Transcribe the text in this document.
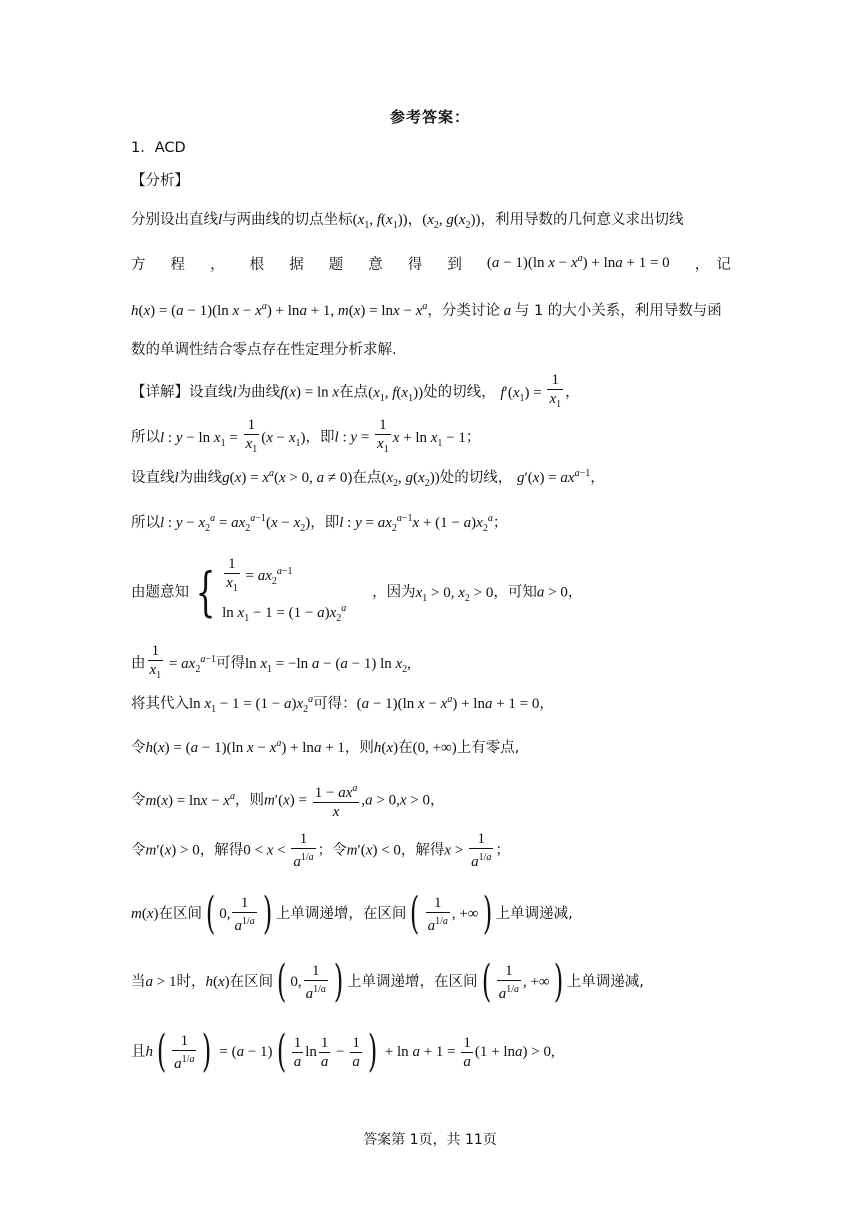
参考答案：
1．ACD
【分析】
分别设出直线l与两曲线的切点坐标($x_1$, $f(x_1)$)，($x_2$, $g(x_2)$)，利用导数的几何意义求出切线
方 程 ， 根 据 题 意 得 到 (a − 1)(ln $x - x^a) + \ln a + 1 = 0$ ，　记
h(x) = (a − 1)(ln $x - x^a) + \ln a + 1$, $m(x) = \ln x - x^a$，分类讨论 a 与 1 的大小关系，利用导数与函
数的单调性结合零点存在性定理分析求解.
【详解】设直线l为曲线f(x) = ln x在点($x_1$, $f(x_1)$)处的切线， $f'(x_1) = \frac{1}{x_1}$ ，
所以l : $y - \ln x_1 = \frac{1}{x_1} (x - x_1)$，即l : $y = \frac{1}{x_1}$ $x + \ln x_1 - 1$；
设直线l为曲线$g(x) = x^a(x > 0$, a ≠ 0)在点($x_2$, $g(x_2)$)处的切线， $g'(x) = ax^{a-1}$，
所以l : $y - x_2^a = ax_2^{a-1}(x - x_2)$，即l : $y = ax_2^{a-1}x + (1 - a)x_2^a$；
由题意知 { $\frac{1}{x_1} = ax_2^{a-1}$
$\ln x_1 - 1 = (1 - a)x_2^a$
，因为$x_1 > 0$, $x_2 > 0$，可知a > 0，
由 $\frac{1}{x_1} = ax_2^{a-1}$可得$\ln x_1 = -\ln$ a − (a − 1) $\ln x_2$,
将其代入$\ln x_1 - 1 = (1 - a)x_2^a$可得：(a − 1)(ln $x - x^a) + \ln a + 1 = 0$，
令h(x) = (a − 1)(ln $x - x^a) + \ln a + 1$，则h(x)在(0, +∞)上有零点,
令$m(x) = \ln x - x^a$，则$m'(x) = \frac{1 - ax^a}{x} ,a > 0,x > 0$，
令m′(x) > 0，解得$0 < x < \frac{1}{a^{1/a}}$ ；令m′(x) < 0，解得$x > \frac{1}{a^{1/a}}$ ；
m(x)在区间( 0, $\frac{1}{a^{1/a}}$ ) 上单调递增，在区间( $\frac{1}{a^{1/a}}$ , +∞) 上单调递减,
当a > 1时，h(x)在区间( 0, $\frac{1}{a^{1/a}}$ ) 上单调递增，在区间( $\frac{1}{a^{1/a}}$ , +∞) 上单调递减,
且$h( \frac{1}{a^{1/a}}$ ) = $(a - 1)( \frac{1}{a}$ $\ln \frac{1}{a} - \frac{1}{a}$ ) + $\ln a + 1 = \frac{1}{a} (1 + \ln a) > 0$,
答案第 1页，共 11页
